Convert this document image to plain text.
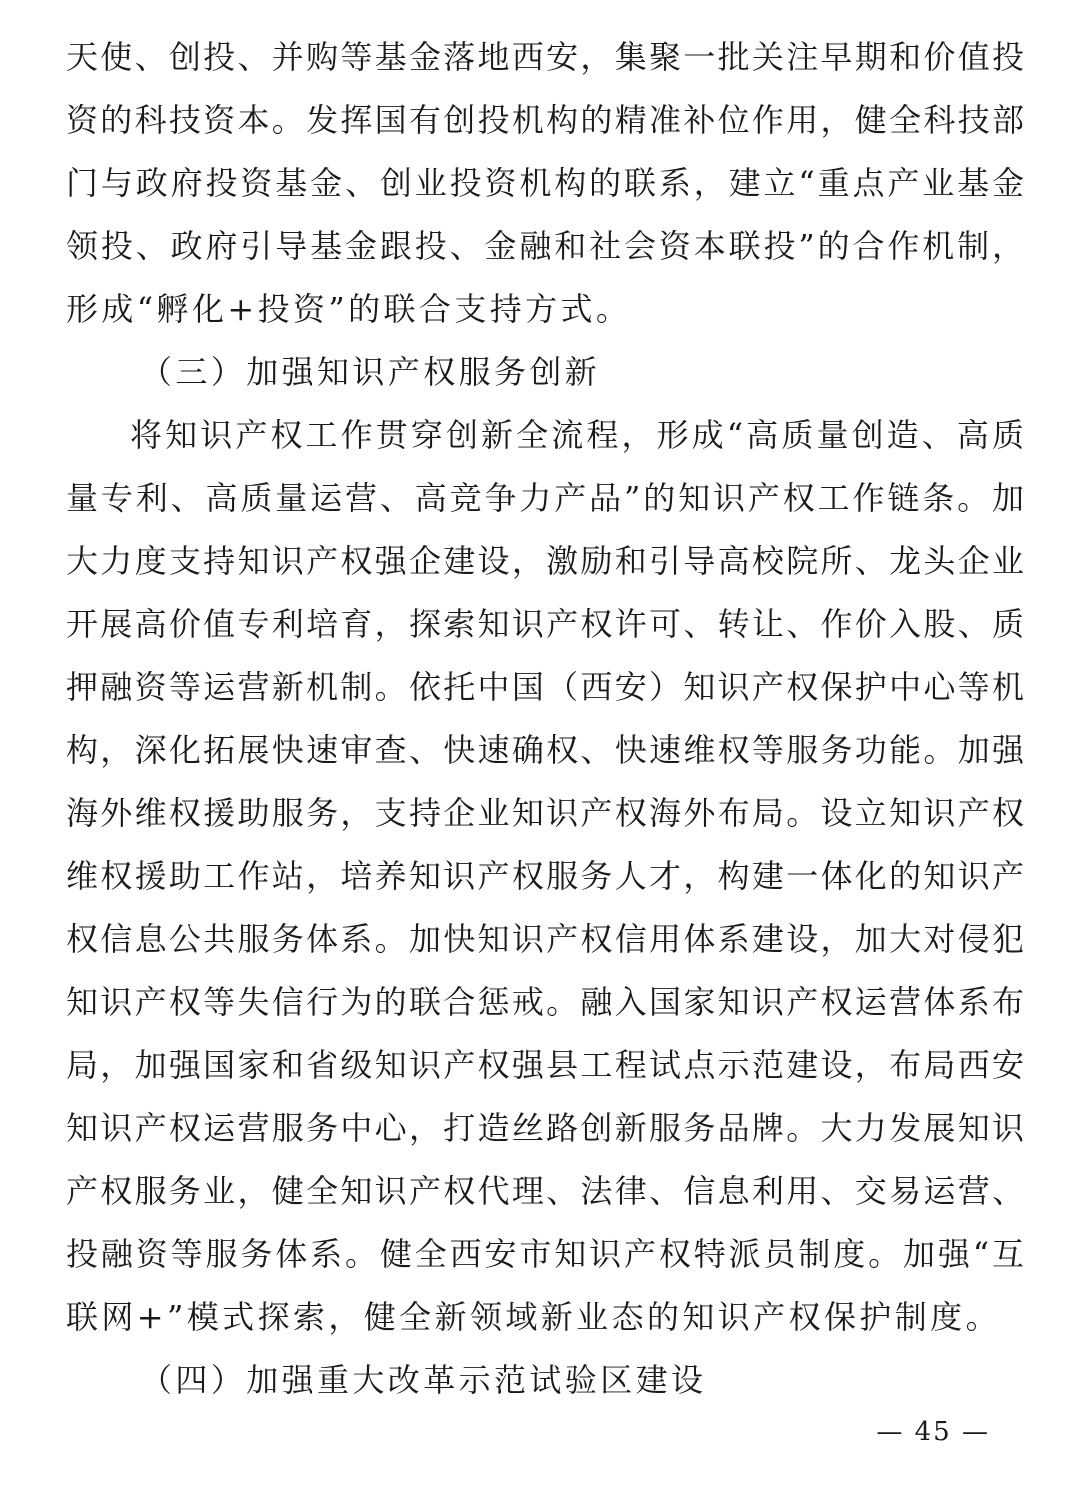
天使、创投、并购等基金落地西安，集聚一批关注早期和价值投
资的科技资本。发挥国有创投机构的精准补位作用，健全科技部
门与政府投资基金、创业投资机构的联系，建立“重点产业基金
领投、政府引导基金跟投、金融和社会资本联投”的合作机制，
形成“孵化+投资”的联合支持方式。
（三）加强知识产权服务创新
将知识产权工作贯穿创新全流程，形成“高质量创造、高质
量专利、高质量运营、高竞争力产品”的知识产权工作链条。加
大力度支持知识产权强企建设，激励和引导高校院所、龙头企业
开展高价值专利培育，探索知识产权许可、转让、作价入股、质
押融资等运营新机制。依托中国（西安）知识产权保护中心等机
构，深化拓展快速审查、快速确权、快速维权等服务功能。加强
海外维权援助服务，支持企业知识产权海外布局。设立知识产权
维权援助工作站，培养知识产权服务人才，构建一体化的知识产
权信息公共服务体系。加快知识产权信用体系建设，加大对侵犯
知识产权等失信行为的联合惩戒。融入国家知识产权运营体系布
局，加强国家和省级知识产权强县工程试点示范建设，布局西安
知识产权运营服务中心，打造丝路创新服务品牌。大力发展知识
产权服务业，健全知识产权代理、法律、信息利用、交易运营、
投融资等服务体系。健全西安市知识产权特派员制度。加强“互
联网+”模式探索，健全新领域新业态的知识产权保护制度。
（四）加强重大改革示范试验区建设
— 45 —
